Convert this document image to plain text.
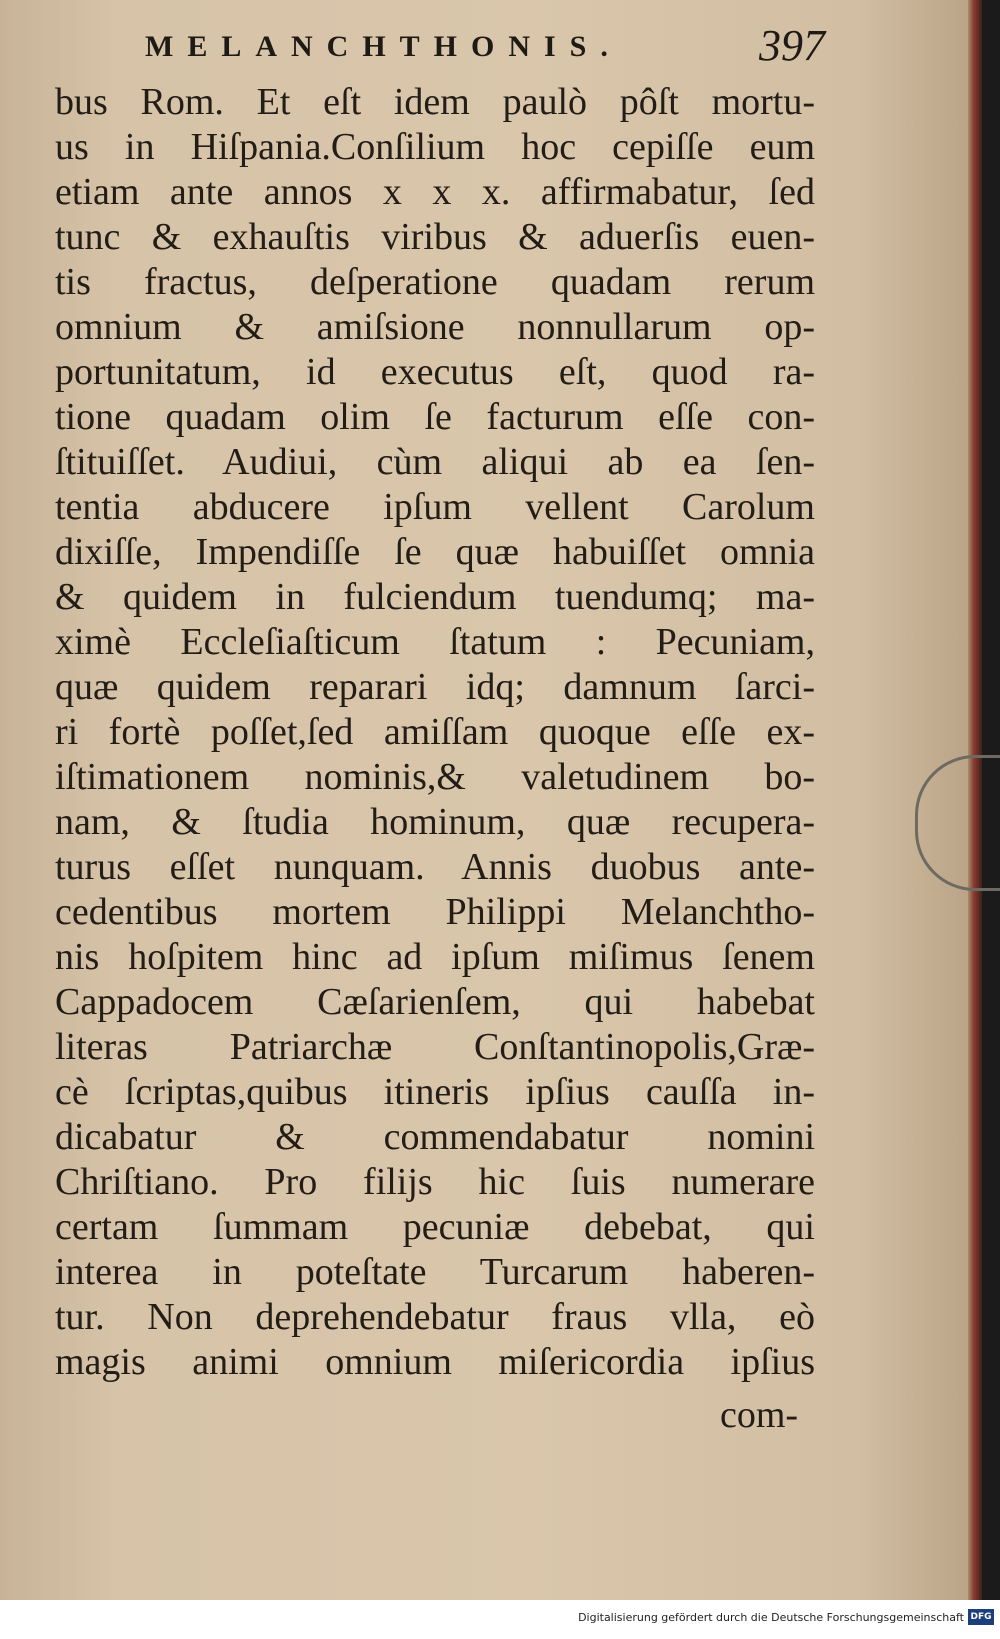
MELANCHTHONIS.	397
bus Rom. Et eſt idem paulò pôſt mortu-
us in Hiſpania.Conſilium hoc cepiſſe eum
etiam ante annos x x x. affirmabatur, ſed
tunc & exhauſtis viribus & aduerſis euen-
tis fractus, deſperatione quadam rerum
omnium & amiſsione nonnullarum op-
portunitatum, id executus eſt, quod ra-
tione quadam olim ſe facturum eſſe con-
ſtituiſſet. Audiui, cùm aliqui ab ea ſen-
tentia abducere ipſum vellent Carolum
dixiſſe, Impendiſſe ſe quæ habuiſſet omnia
& quidem in fulciendum tuendumq; ma-
ximè Eccleſiaſticum ſtatum : Pecuniam,
quæ quidem reparari idq; damnum ſarci-
ri fortè poſſet,ſed amiſſam quoque eſſe ex-
iſtimationem nominis,& valetudinem bo-
nam, & ſtudia hominum, quæ recupera-
turus eſſet nunquam. Annis duobus ante-
cedentibus mortem Philippi Melanchtho-
nis hoſpitem hinc ad ipſum miſimus ſenem
Cappadocem Cæſarienſem, qui habebat
literas Patriarchæ Conſtantinopolis,Græ-
cè ſcriptas,quibus itineris ipſius cauſſa in-
dicabatur & commendabatur nomini
Chriſtiano. Pro filijs hic ſuis numerare
certam ſummam pecuniæ debebat, qui
interea in poteſtate Turcarum haberen-
tur. Non deprehendebatur fraus vlla, eò
magis animi omnium miſericordia ipſius
com-
Digitalisierung gefördert durch die Deutsche Forschungsgemeinschaft DFG
